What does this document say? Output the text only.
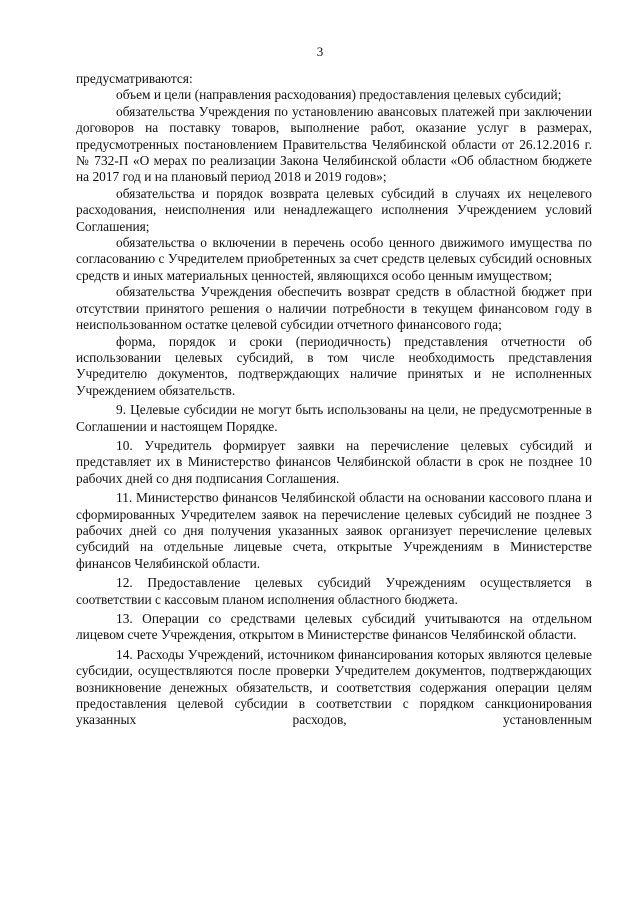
3

предусматриваются:

объем и цели (направления расходования) предоставления целевых субсидий;

обязательства Учреждения по установлению авансовых платежей при заключении договоров на поставку товаров, выполнение работ, оказание услуг в размерах, предусмотренных постановлением Правительства Челябинской области от 26.12.2016 г. № 732-П «О мерах по реализации Закона Челябинской области «Об областном бюджете на 2017 год и на плановый период 2018 и 2019 годов»;

обязательства и порядок возврата целевых субсидий в случаях их нецелевого расходования, неисполнения или ненадлежащего исполнения Учреждением условий Соглашения;

обязательства о включении в перечень особо ценного движимого имущества по согласованию с Учредителем приобретенных за счет средств целевых субсидий основных средств и иных материальных ценностей, являющихся особо ценным имуществом;

обязательства Учреждения обеспечить возврат средств в областной бюджет при отсутствии принятого решения о наличии потребности в текущем финансовом году в неиспользованном остатке целевой субсидии отчетного финансового года;

форма, порядок и сроки (периодичность) представления отчетности об использовании целевых субсидий, в том числе необходимость представления Учредителю документов, подтверждающих наличие принятых и не исполненных Учреждением обязательств.

9. Целевые субсидии не могут быть использованы на цели, не предусмотренные в Соглашении и настоящем Порядке.

10. Учредитель формирует заявки на перечисление целевых субсидий и представляет их в Министерство финансов Челябинской области в срок не позднее 10 рабочих дней со дня подписания Соглашения.

11. Министерство финансов Челябинской области на основании кассового плана и сформированных Учредителем заявок на перечисление целевых субсидий не позднее 3 рабочих дней со дня получения указанных заявок организует перечисление целевых субсидий на отдельные лицевые счета, открытые Учреждениям в Министерстве финансов Челябинской области.

12. Предоставление целевых субсидий Учреждениям осуществляется в соответствии с кассовым планом исполнения областного бюджета.

13. Операции со средствами целевых субсидий учитываются на отдельном лицевом счете Учреждения, открытом в Министерстве финансов Челябинской области.

14. Расходы Учреждений, источником финансирования которых являются целевые субсидии, осуществляются после проверки Учредителем документов, подтверждающих возникновение денежных обязательств, и соответствия содержания операции целям предоставления целевой субсидии в соответствии с порядком санкционирования указанных расходов, установленным
